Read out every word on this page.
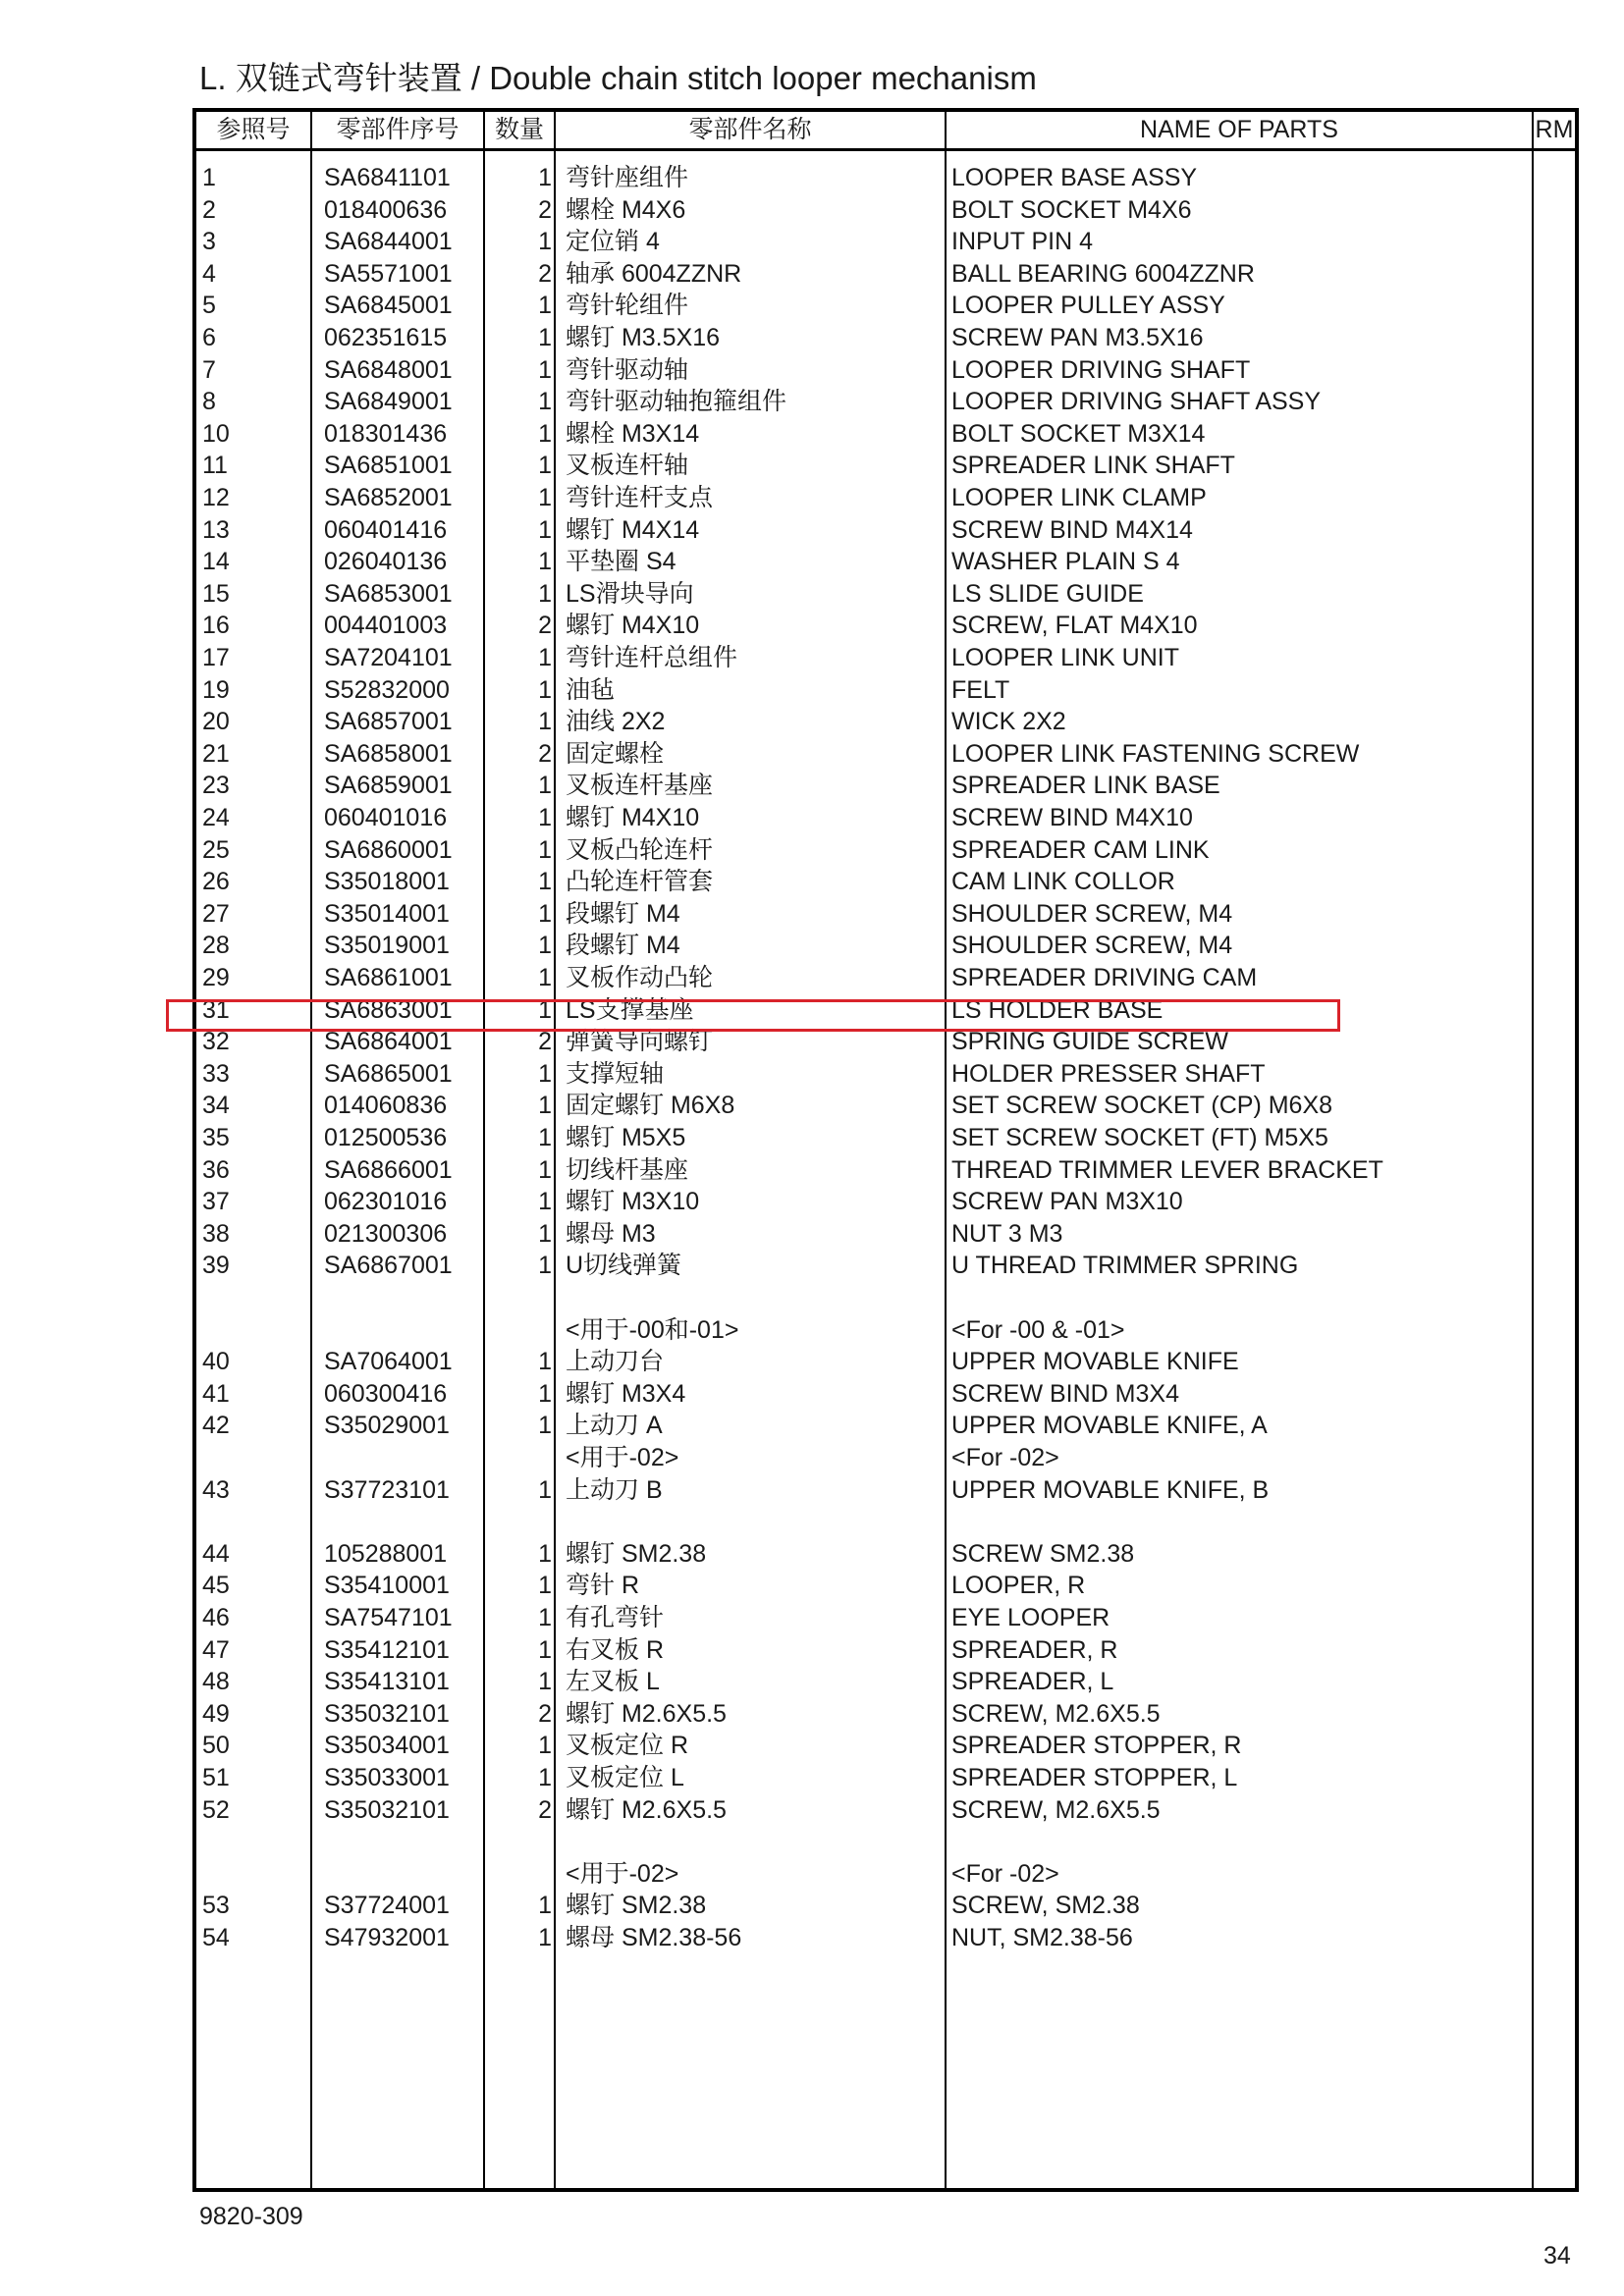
L. 双链式弯针装置 / Double chain stitch looper mechanism
参照号	零部件序号	数量	零部件名称	NAME OF PARTS	RM
1	SA6841101	1 弯针座组件	LOOPER BASE ASSY
2	018400636	2 螺栓 M4X6	BOLT SOCKET M4X6
3	SA6844001	1 定位销 4	INPUT PIN 4
4	SA5571001	2 轴承 6004ZZNR	BALL BEARING 6004ZZNR
5	SA6845001	1 弯针轮组件	LOOPER PULLEY ASSY
6	062351615	1 螺钉 M3.5X16	SCREW PAN M3.5X16
7	SA6848001	1 弯针驱动轴	LOOPER DRIVING SHAFT
8	SA6849001	1 弯针驱动轴抱箍组件	LOOPER DRIVING SHAFT ASSY
10	018301436	1 螺栓 M3X14	BOLT SOCKET M3X14
11	SA6851001	1 叉板连杆轴	SPREADER LINK SHAFT
12	SA6852001	1 弯针连杆支点	LOOPER LINK CLAMP
13	060401416	1 螺钉 M4X14	SCREW BIND M4X14
14	026040136	1 平垫圈 S4	WASHER PLAIN S 4
15	SA6853001	1 LS滑块导向	LS SLIDE GUIDE
16	004401003	2 螺钉 M4X10	SCREW, FLAT M4X10
17	SA7204101	1 弯针连杆总组件	LOOPER LINK UNIT
19	S52832000	1 油毡	FELT
20	SA6857001	1 油线 2X2	WICK 2X2
21	SA6858001	2 固定螺栓	LOOPER LINK FASTENING SCREW
23	SA6859001	1 叉板连杆基座	SPREADER LINK BASE
24	060401016	1 螺钉 M4X10	SCREW BIND M4X10
25	SA6860001	1 叉板凸轮连杆	SPREADER CAM LINK
26	S35018001	1 凸轮连杆管套	CAM LINK COLLOR
27	S35014001	1 段螺钉 M4	SHOULDER SCREW, M4
28	S35019001	1 段螺钉 M4	SHOULDER SCREW, M4
29	SA6861001	1 叉板作动凸轮	SPREADER DRIVING CAM
31	SA6863001	1 LS支撑基座	LS HOLDER BASE
32	SA6864001	2 弹簧导向螺钉	SPRING GUIDE SCREW
33	SA6865001	1 支撑短轴	HOLDER PRESSER SHAFT
34	014060836	1 固定螺钉 M6X8	SET SCREW SOCKET (CP) M6X8
35	012500536	1 螺钉 M5X5	SET SCREW SOCKET (FT) M5X5
36	SA6866001	1 切线杆基座	THREAD TRIMMER LEVER BRACKET
37	062301016	1 螺钉 M3X10	SCREW PAN M3X10
38	021300306	1 螺母 M3	NUT 3 M3
39	SA6867001	1 U切线弹簧	U THREAD TRIMMER SPRING
<用于-00和-01>	<For -00 & -01>
40	SA7064001	1 上动刀台	UPPER MOVABLE KNIFE
41	060300416	1 螺钉 M3X4	SCREW BIND M3X4
42	S35029001	1 上动刀 A	UPPER MOVABLE KNIFE, A
<用于-02>	<For -02>
43	S37723101	1 上动刀 B	UPPER MOVABLE KNIFE, B
44	105288001	1 螺钉 SM2.38	SCREW SM2.38
45	S35410001	1 弯针 R	LOOPER, R
46	SA7547101	1 有孔弯针	EYE LOOPER
47	S35412101	1 右叉板 R	SPREADER, R
48	S35413101	1 左叉板 L	SPREADER, L
49	S35032101	2 螺钉 M2.6X5.5	SCREW, M2.6X5.5
50	S35034001	1 叉板定位 R	SPREADER STOPPER, R
51	S35033001	1 叉板定位 L	SPREADER STOPPER, L
52	S35032101	2 螺钉 M2.6X5.5	SCREW, M2.6X5.5
<用于-02>	<For -02>
53	S37724001	1 螺钉 SM2.38	SCREW, SM2.38
54	S47932001	1 螺母 SM2.38-56	NUT, SM2.38-56
9820-309
34
